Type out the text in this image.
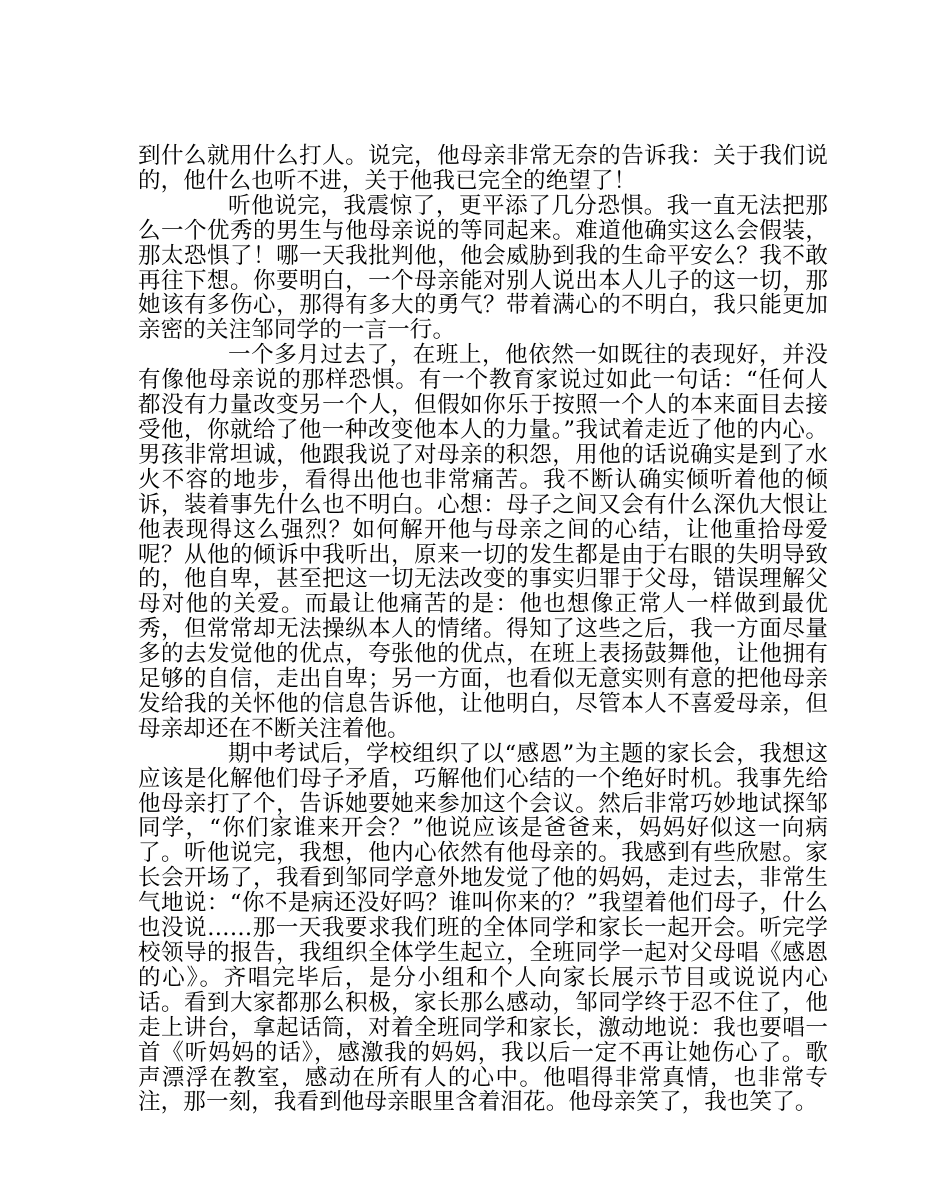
到什么就用什么打人。说完，他母亲非常无奈的告诉我：关于我们说的，他什么也听不进，关于他我已完全的绝望了！

听他说完，我震惊了，更平添了几分恐惧。我一直无法把那么一个优秀的男生与他母亲说的等同起来。难道他确实这么会假装，那太恐惧了！哪一天我批判他，他会威胁到我的生命平安么？我不敢再往下想。你要明白，一个母亲能对别人说出本人儿子的这一切，那她该有多伤心，那得有多大的勇气？带着满心的不明白，我只能更加亲密的关注邹同学的一言一行。

一个多月过去了，在班上，他依然一如既往的表现好，并没有像他母亲说的那样恐惧。有一个教育家说过如此一句话：“任何人都没有力量改变另一个人，但假如你乐于按照一个人的本来面目去接受他，你就给了他一种改变他本人的力量。”我试着走近了他的内心。男孩非常坦诚，他跟我说了对母亲的积怨，用他的话说确实是到了水火不容的地步，看得出他也非常痛苦。我不断认确实倾听着他的倾诉，装着事先什么也不明白。心想：母子之间又会有什么深仇大恨让他表现得这么强烈？如何解开他与母亲之间的心结，让他重拾母爱呢？从他的倾诉中我听出，原来一切的发生都是由于右眼的失明导致的，他自卑，甚至把这一切无法改变的事实归罪于父母，错误理解父母对他的关爱。而最让他痛苦的是：他也想像正常人一样做到最优秀，但常常却无法操纵本人的情绪。得知了这些之后，我一方面尽量多的去发觉他的优点，夸张他的优点，在班上表扬鼓舞他，让他拥有足够的自信，走出自卑；另一方面，也看似无意实则有意的把他母亲发给我的关怀他的信息告诉他，让他明白，尽管本人不喜爱母亲，但母亲却还在不断关注着他。

期中考试后，学校组织了以“感恩”为主题的家长会，我想这应该是化解他们母子矛盾，巧解他们心结的一个绝好时机。我事先给他母亲打了个，告诉她要她来参加这个会议。然后非常巧妙地试探邹同学，“你们家谁来开会？”他说应该是爸爸来，妈妈好似这一向病了。听他说完，我想，他内心依然有他母亲的。我感到有些欣慰。家长会开场了，我看到邹同学意外地发觉了他的妈妈，走过去，非常生气地说：“你不是病还没好吗？谁叫你来的？”我望着他们母子，什么也没说……那一天我要求我们班的全体同学和家长一起开会。听完学校领导的报告，我组织全体学生起立，全班同学一起对父母唱《感恩的心》。齐唱完毕后，是分小组和个人向家长展示节目或说说内心话。看到大家都那么积极，家长那么感动，邹同学终于忍不住了，他走上讲台，拿起话筒，对着全班同学和家长，激动地说：我也要唱一首《听妈妈的话》，感激我的妈妈，我以后一定不再让她伤心了。歌声漂浮在教室，感动在所有人的心中。他唱得非常真情，也非常专注，那一刻，我看到他母亲眼里含着泪花。他母亲笑了，我也笑了。
